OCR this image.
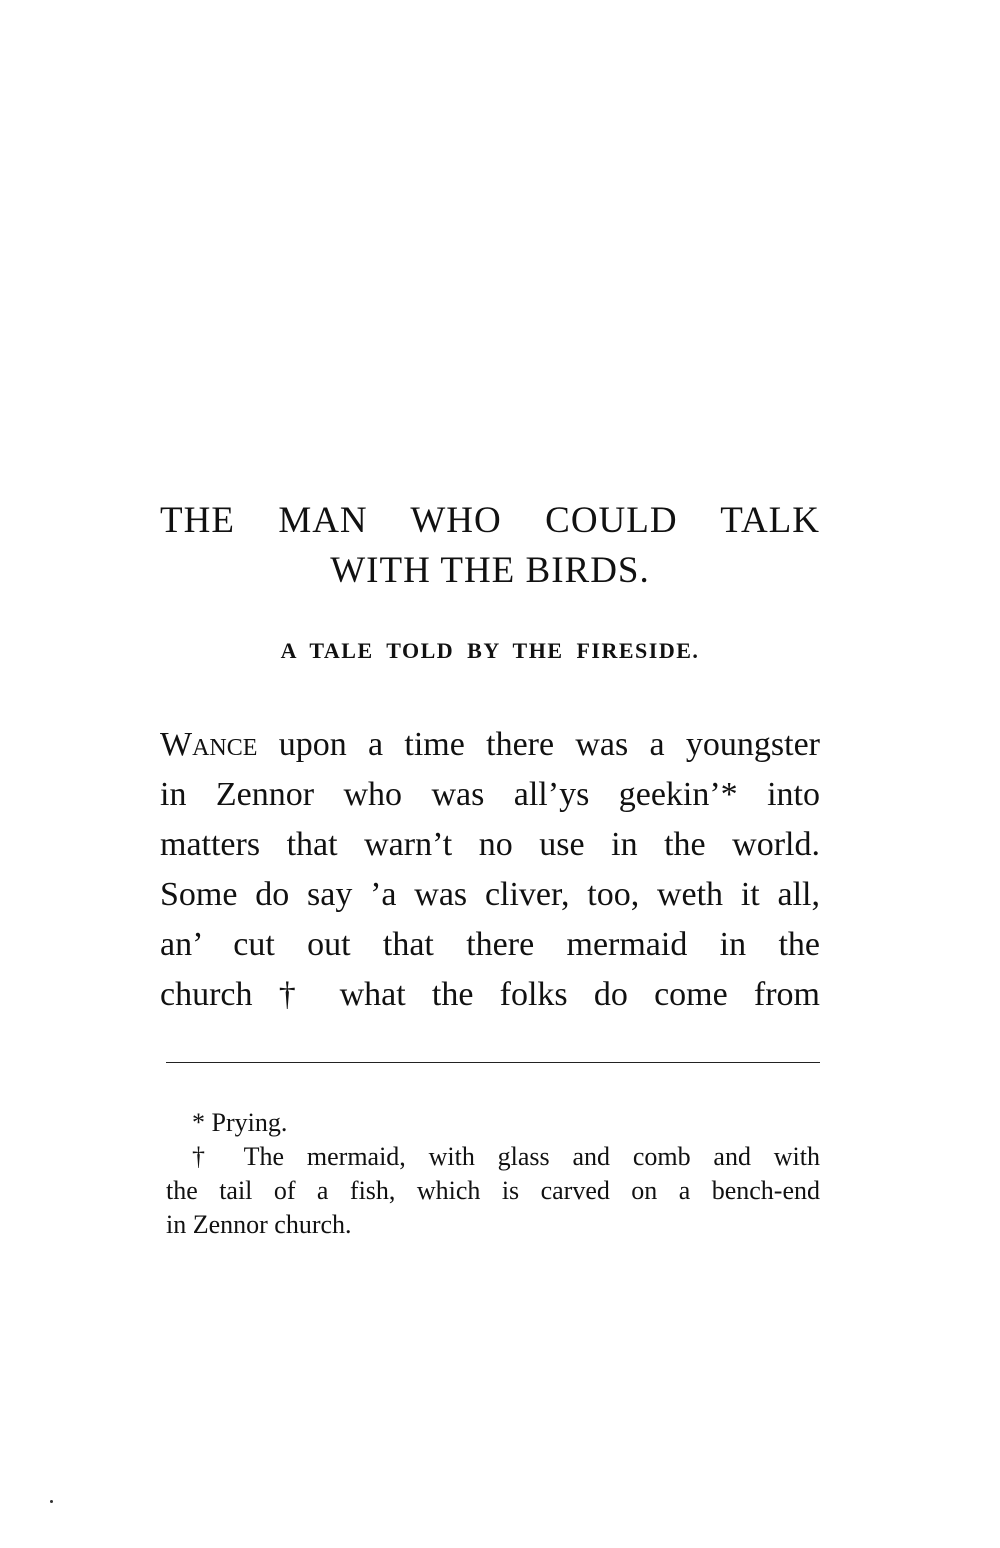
THE MAN WHO COULD TALK
WITH THE BIRDS.

A TALE TOLD BY THE FIRESIDE.

Wance upon a time there was a youngster
in Zennor who was all’ys geekin’* into
matters that warn’t no use in the world.
Some do say ’a was cliver, too, weth it all,
an’ cut out that there mermaid in the
church † what the folks do come from
* Prying.
† The mermaid, with glass and comb and with
the tail of a fish, which is carved on a bench-end
in Zennor church.
